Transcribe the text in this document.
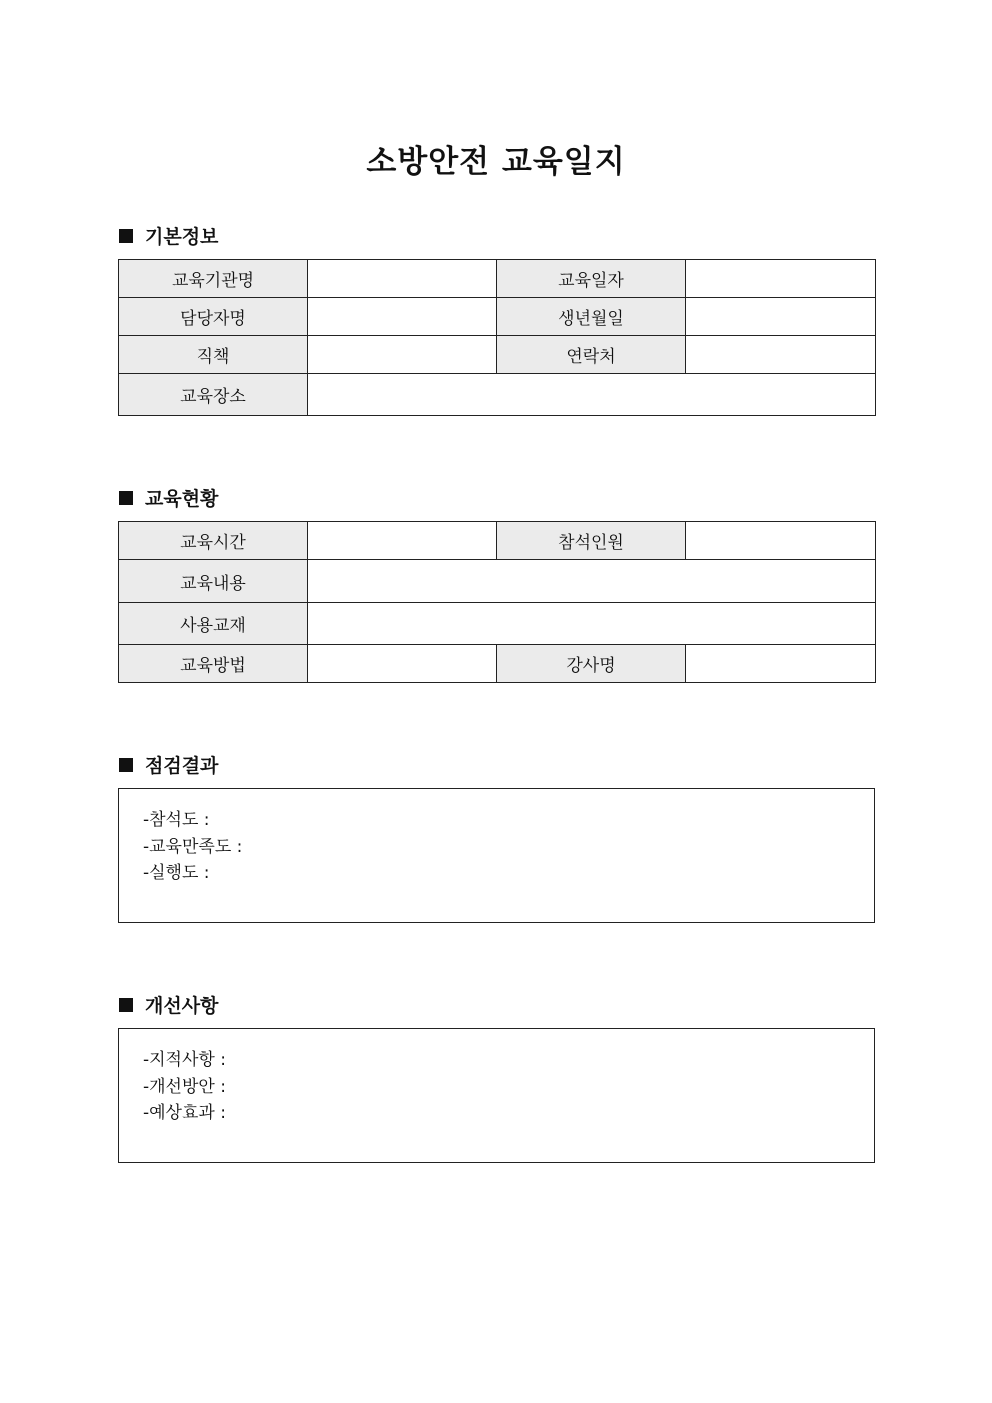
소방안전 교육일지
기본정보
교육기관명		교육일자	
담당자명		생년월일	
직책		연락처	
교육장소			
교육현황
교육시간		참석인원	
교육내용			
사용교재			
교육방법		강사명	
점검결과
-참석도 :
-교육만족도 :
-실행도 :
개선사항
-지적사항 :
-개선방안 :
-예상효과 :
